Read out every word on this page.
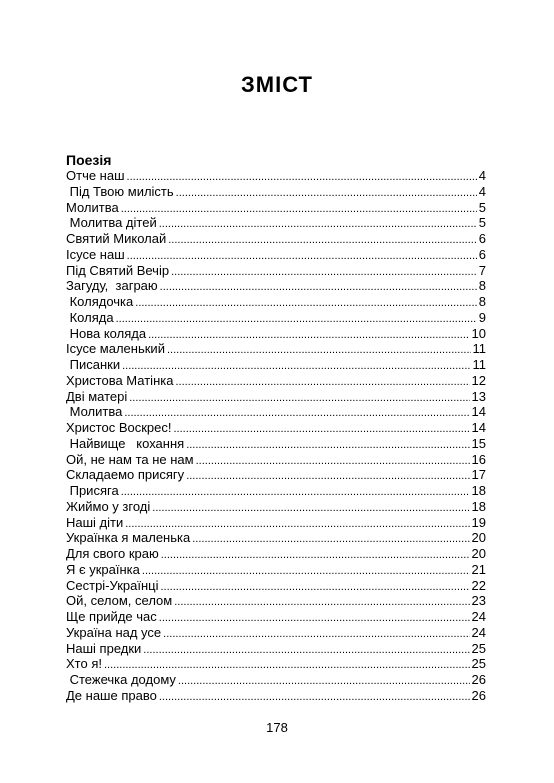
ЗМІСТ
Поезія
Отче наш .....	4
Під Твою милість .....	4
Молитва .....	5
Молитва дітей .....	5
Святий Миколай .....	6
Ісусе наш .....	6
Під Святий Вечір .....	7
Загуду,  заграю .....	8
Колядочка .....	8
Коляда .....	9
Нова коляда .....	10
Ісусе маленький .....	11
Писанки .....	11
Христова Матінка .....	12
Дві матері .....	13
Молитва .....	14
Христос Воскрес! .....	14
Найвище   кохання .....	15
Ой, не нам та не нам .....	16
Складаемо присягу .....	17
Присяга .....	18
Жиймо у згоді .....	18
Наші діти .....	19
Українка я маленька .....	20
Для свого краю .....	20
Я є українка .....	21
Сестрі-Українці .....	22
Ой, селом, селом .....	23
Ще прийде час .....	24
Україна над усе .....	24
Наші предки .....	25
Хто я! .....	25
Стежечка додому .....	26
Де наше право .....	26
178
